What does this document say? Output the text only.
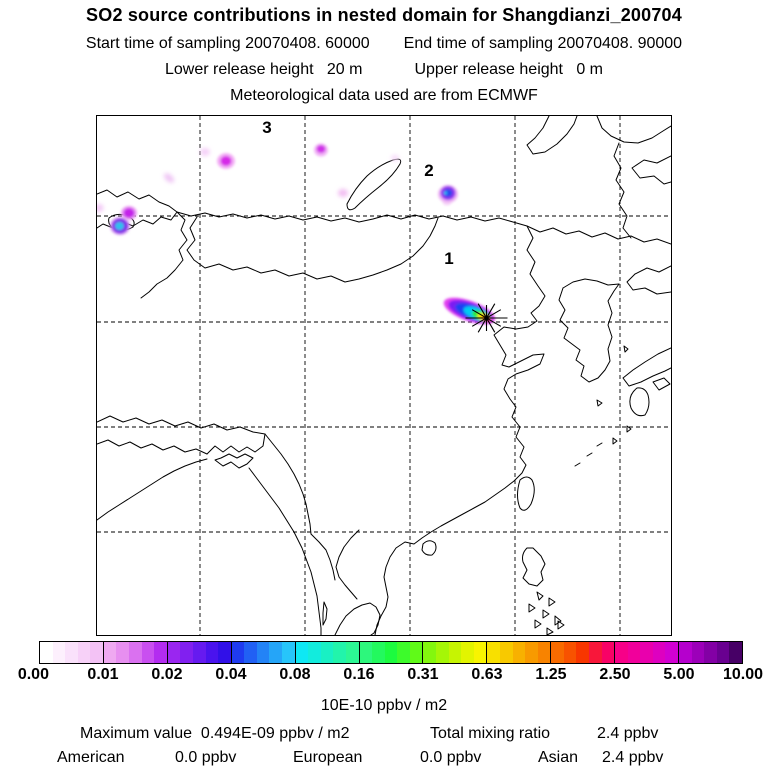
SO2 source contributions in nested domain for Shangdianzi_200704
Start time of sampling 20070408. 60000 End time of sampling 20070408. 90000
Lower release height   20 m	Upper release height   0 m
Meteorological data used are from ECMWF
1
2
3
0.00 0.01 0.02 0.04 0.08 0.16 0.31 0.63 1.25 2.50 5.00 10.00
10E-10 ppbv / m2
Maximum value  0.494E-09 ppbv / m2	Total mixing ratio	2.4 ppbv
American	0.0 ppbv	European	0.0 ppbv	Asian 2.4 ppbv
